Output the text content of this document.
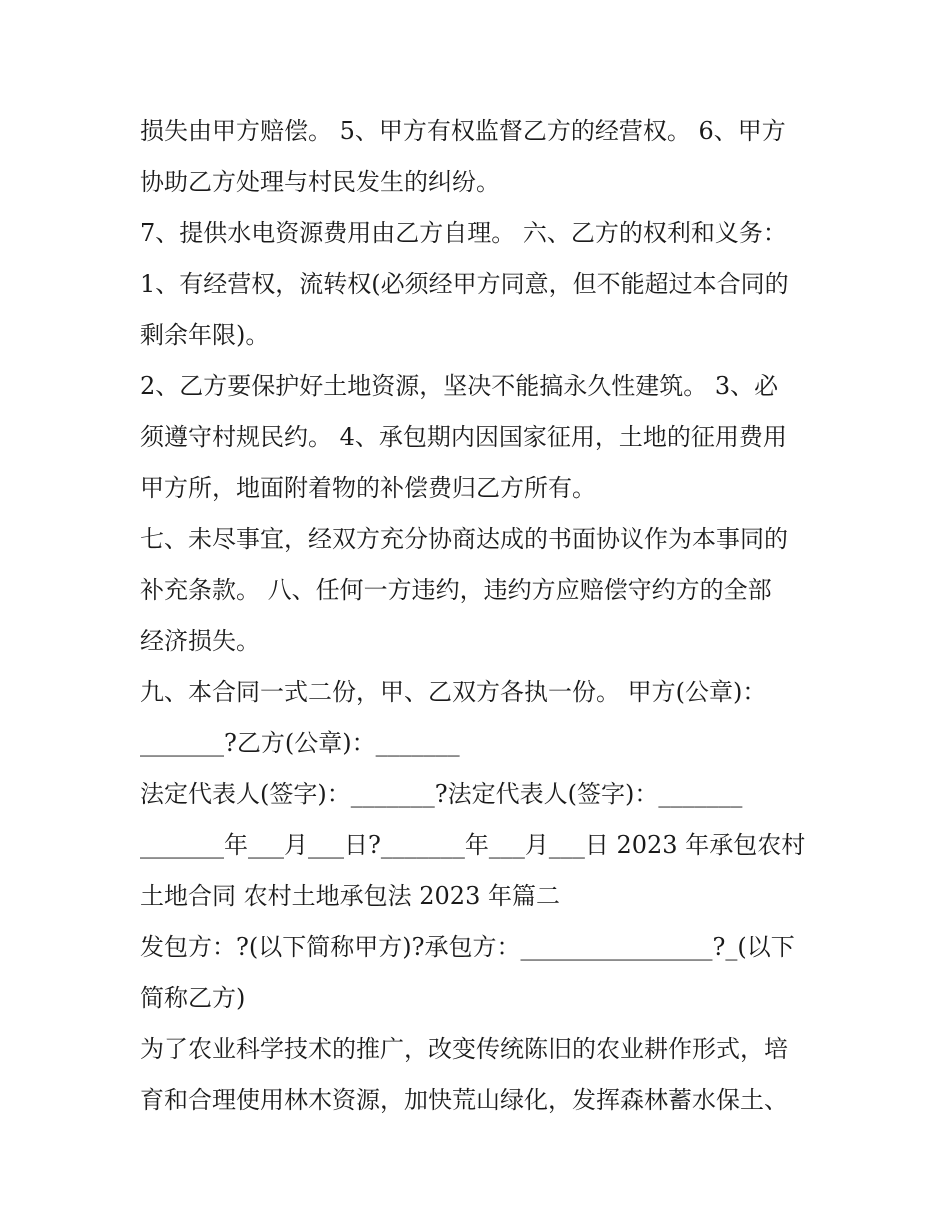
损失由甲方赔偿。 5、甲方有权监督乙方的经营权。 6、甲方
协助乙方处理与村民发生的纠纷。
7、提供水电资源费用由乙方自理。 六、乙方的权利和义务：
1、有经营权，流转权(必须经甲方同意，但不能超过本合同的
剩余年限)。
2、乙方要保护好土地资源，坚决不能搞永久性建筑。 3、必
须遵守村规民约。 4、承包期内因国家征用，土地的征用费用
甲方所，地面附着物的补偿费归乙方所有。
七、未尽事宜，经双方充分协商达成的书面协议作为本事同的
补充条款。 八、任何一方违约，违约方应赔偿守约方的全部
经济损失。
九、本合同一式二份，甲、乙双方各执一份。 甲方(公章)：
_______?乙方(公章)：_______
法定代表人(签字)：_______?法定代表人(签字)：_______
_______年___月___日?_______年___月___日 2023 年承包农村
土地合同 农村土地承包法 2023 年篇二
发包方：?(以下简称甲方)?承包方：________________?_(以下
简称乙方)
为了农业科学技术的推广，改变传统陈旧的农业耕作形式，培
育和合理使用林木资源，加快荒山绿化，发挥森林蓄水保土、
